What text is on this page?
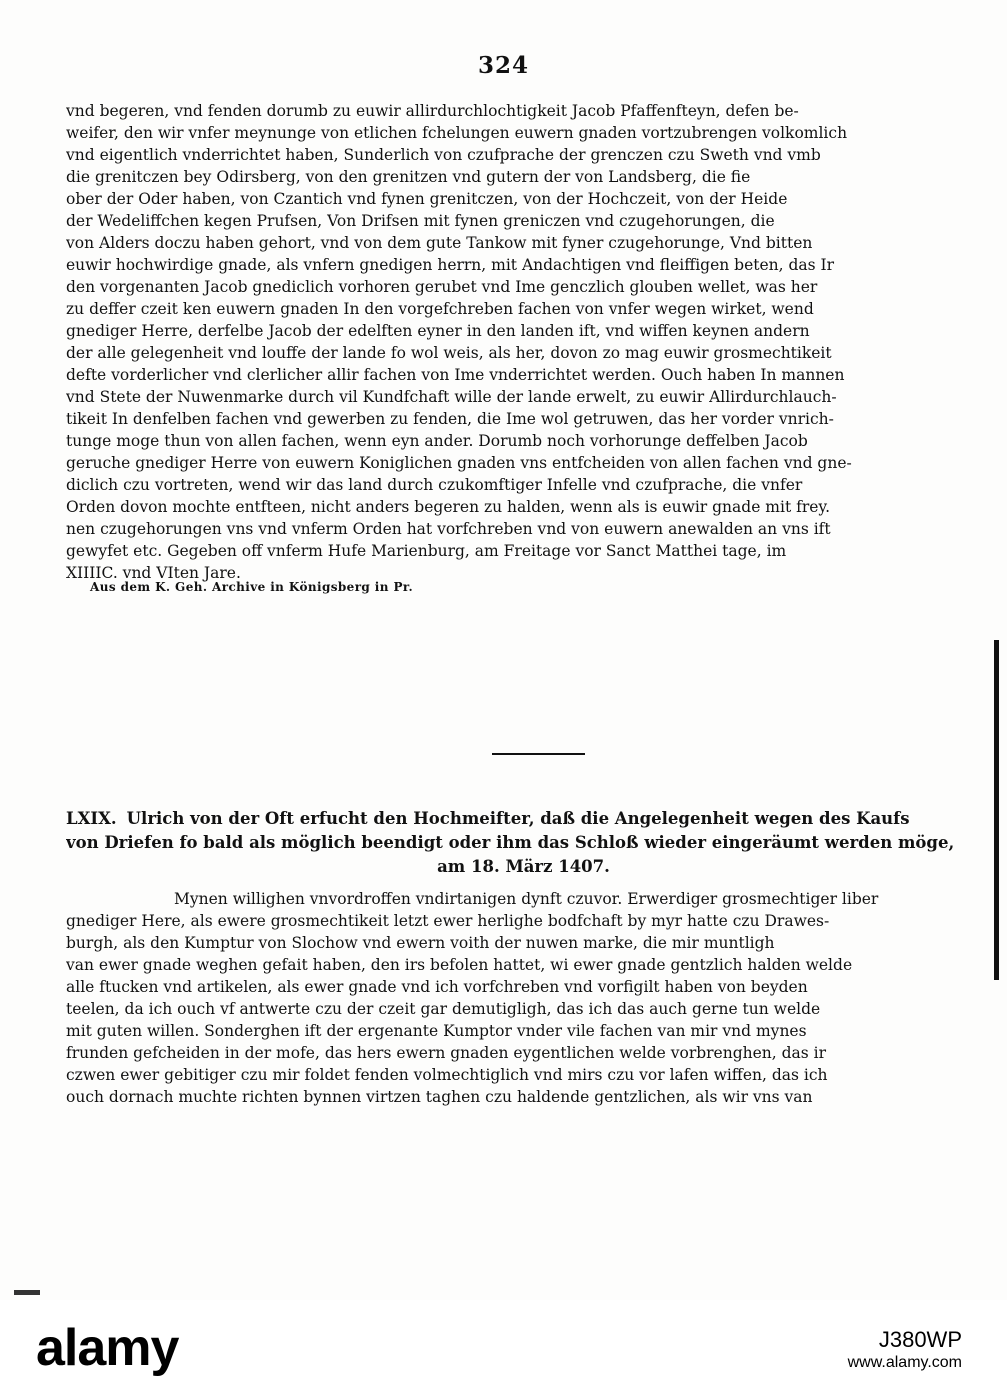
324
vnd begeren, vnd fenden dorumb zu euwir allirdurchlochtigkeit Jacob Pfaffenfteyn, defen be-
weifer, den wir vnfer meynunge von etlichen fchelungen euwern gnaden vortzubrengen volkomlich
vnd eigentlich vnderrichtet haben, Sunderlich von czufprache der grenczen czu Sweth vnd vmb
die grenitczen bey Odirsberg, von den grenitzen vnd gutern der von Landsberg, die fie
ober der Oder haben, von Czantich vnd fynen grenitczen, von der Hochczeit, von der Heide
der Wedeliffchen kegen Prufsen, Von Drifsen mit fynen greniczen vnd czugehorungen, die
von Alders doczu haben gehort, vnd von dem gute Tankow mit fyner czugehorunge, Vnd bitten
euwir hochwirdige gnade, als vnfern gnedigen herrn, mit Andachtigen vnd fleiffigen beten, das Ir
den vorgenanten Jacob gnedicliсh vorhoren gerubet vnd Ime genczlich glouben wellet, was her
zu deffer czeit ken euwern gnaden In den vorgefchreben fachen von vnfer wegen wirket, wend
gnediger Herre, derfelbe Jacob der edelften eyner in den landen ift, vnd wiffen keynen andern
der alle gelegenheit vnd louffe der lande fo wol weis, als her, dovon zo mag euwir grosmechtikeit
defte vorderlicher vnd clerlicher allir fachen von Ime vnderrichtet werden. Ouch haben In mannen
vnd Stete der Nuwenmarke durch vil Kundfchaft wille der lande erwelt, zu euwir Allirdurchlauch-
tikeit In denfelben fachen vnd gewerben zu fenden, die Ime wol getruwen, das her vorder vnrich-
tunge moge thun von allen fachen, wenn eyn ander. Dorumb noch vorhorunge deffelben Jacob
geruche gnediger Herre von euwern Koniglichen gnaden vns entfcheiden von allen fachen vnd gne-
diclich czu vortreten, wend wir das land durch czukomftiger Infelle vnd czufprache, die vnfer
Orden dovon mochte entfteen, nicht anders begeren zu halden, wenn als is euwir gnade mit frey.
nen czugehorungen vns vnd vnferm Orden hat vorfchreben vnd von euwern anewalden an vns ift
gewyfet etc. Gegeben off vnferm Hufe Marienburg, am Freitage vor Sanct Matthei tage, im
XIIIIC. vnd VIten Jare.
Aus dem K. Geh. Archive in Königsberg in Pr.
LXIX. Ulrich von der Oft erfucht den Hochmeifter, daß die Angelegenheit wegen des Kaufs
von Driefen fo bald als möglich beendigt oder ihm das Schloß wieder eingeräumt werden möge,
am 18. März 1407.
Mynen willighen vnvordroffen vndirtanigen dynft czuvor. Erwerdiger grosmechtiger liber
gnediger Here, als ewere grosmechtikeit letzt ewer herlighe bodfchaft by myr hatte czu Drawes-
burgh, als den Kumptur von Slochow vnd ewern voith der nuwen marke, die mir muntligh
van ewer gnade weghen gefait haben, den irs befolen hattet, wi ewer gnade gentzlich halden welde
alle ftucken vnd artikelen, als ewer gnade vnd ich vorfchreben vnd vorfigilt haben von beyden
teelen, da ich ouch vf antwerte czu der czeit gar demutigligh, das ich das auch gerne tun welde
mit guten willen. Sonderghen ift der ergenante Kumptor vnder vile fachen van mir vnd mynes
frunden gefcheiden in der mofe, das hers ewern gnaden eygentlichen welde vorbrenghen, das ir
czwen ewer gebitiger czu mir foldet fenden volmechtiglich vnd mirs czu vor lafen wiffen, das ich
ouch dornach muchte richten bynnen virtzen taghen czu haldende gentzlichen, als wir vns van
alamy	J380WP
www.alamy.com
